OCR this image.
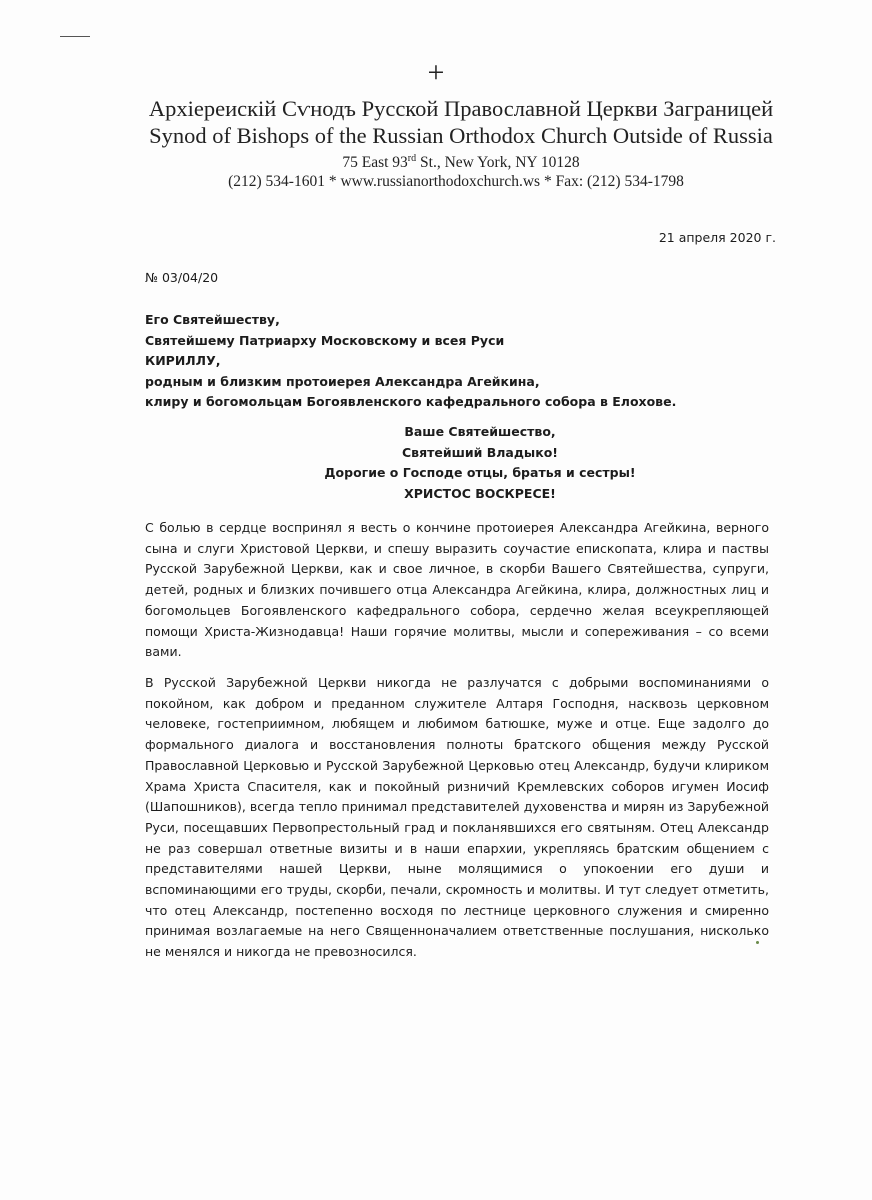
+
Архіереискій Сѵнодъ Русской Православной Церкви Заграницей
Synod of Bishops of the Russian Orthodox Church Outside of Russia
75 East 93rd St., New York, NY 10128
(212) 534-1601 * www.russianorthodoxchurch.ws * Fax: (212) 534-1798
21 апреля 2020 г.
№ 03/04/20
Его Святейшеству,
Святейшему Патриарху Московскому и всея Руси
КИРИЛЛУ,
родным и близким протоиерея Александра Агейкина,
клиру и богомольцам Богоявленского кафедрального собора в Елохове.
Ваше Святейшество,
Святейший Владыко!
Дорогие о Господе отцы, братья и сестры!
ХРИСТОС ВОСКРЕСЕ!

С болью в сердце воспринял я весть о кончине протоиерея Александра Агейкина, верного сына и слуги Христовой Церкви, и спешу выразить соучастие епископата, клира и паствы Русской Зарубежной Церкви, как и свое личное, в скорби Вашего Святейшества, супруги, детей, родных и близких почившего отца Александра Агейкина, клира, должностных лиц и богомольцев Богоявленского кафедрального собора, сердечно желая всеукрепляющей помощи Христа-Жизнодавца! Наши горячие молитвы, мысли и сопереживания – со всеми вами.

В Русской Зарубежной Церкви никогда не разлучатся с добрыми воспоминаниями о покойном, как добром и преданном служителе Алтаря Господня, насквозь церковном человеке, гостеприимном, любящем и любимом батюшке, муже и отце. Еще задолго до формального диалога и восстановления полноты братского общения между Русской Православной Церковью и Русской Зарубежной Церковью отец Александр, будучи клириком Храма Христа Спасителя, как и покойный ризничий Кремлевских соборов игумен Иосиф (Шапошников), всегда тепло принимал представителей духовенства и мирян из Зарубежной Руси, посещавших Первопрестольный град и покланявшихся его святыням. Отец Александр не раз совершал ответные визиты и в наши епархии, укрепляясь братским общением с представителями нашей Церкви, ныне молящимися о упокоении его души и вспоминающими его труды, скорби, печали, скромность и молитвы. И тут следует отметить, что отец Александр, постепенно восходя по лестнице церковного служения и смиренно принимая возлагаемые на него Священноначалием ответственные послушания, нисколько не менялся и никогда не превозносился.
